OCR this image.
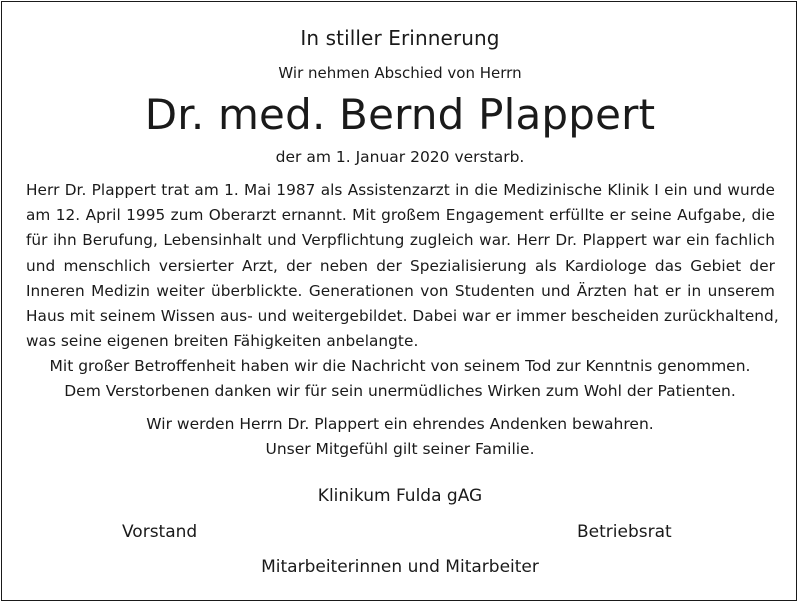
In stiller Erinnerung
Wir nehmen Abschied von Herrn
Dr. med. Bernd Plappert
der am 1. Januar 2020 verstarb.
Herr Dr. Plappert trat am 1. Mai 1987 als Assistenzarzt in die Medizinische Klinik I ein und wurde
am 12. April 1995 zum Oberarzt ernannt. Mit großem Engagement erfüllte er seine Aufgabe, die
für ihn Berufung, Lebensinhalt und Verpflichtung zugleich war. Herr Dr. Plappert war ein fachlich
und menschlich versierter Arzt, der neben der Spezialisierung als Kardiologe das Gebiet der
Inneren Medizin weiter überblickte. Generationen von Studenten und Ärzten hat er in unserem
Haus mit seinem Wissen aus- und weitergebildet. Dabei war er immer bescheiden zurückhaltend,
was seine eigenen breiten Fähigkeiten anbelangte.
Mit großer Betroffenheit haben wir die Nachricht von seinem Tod zur Kenntnis genommen.
Dem Verstorbenen danken wir für sein unermüdliches Wirken zum Wohl der Patienten.
Wir werden Herrn Dr. Plappert ein ehrendes Andenken bewahren.
Unser Mitgefühl gilt seiner Familie.
Klinikum Fulda gAG
Vorstand	Betriebsrat
Mitarbeiterinnen und Mitarbeiter
